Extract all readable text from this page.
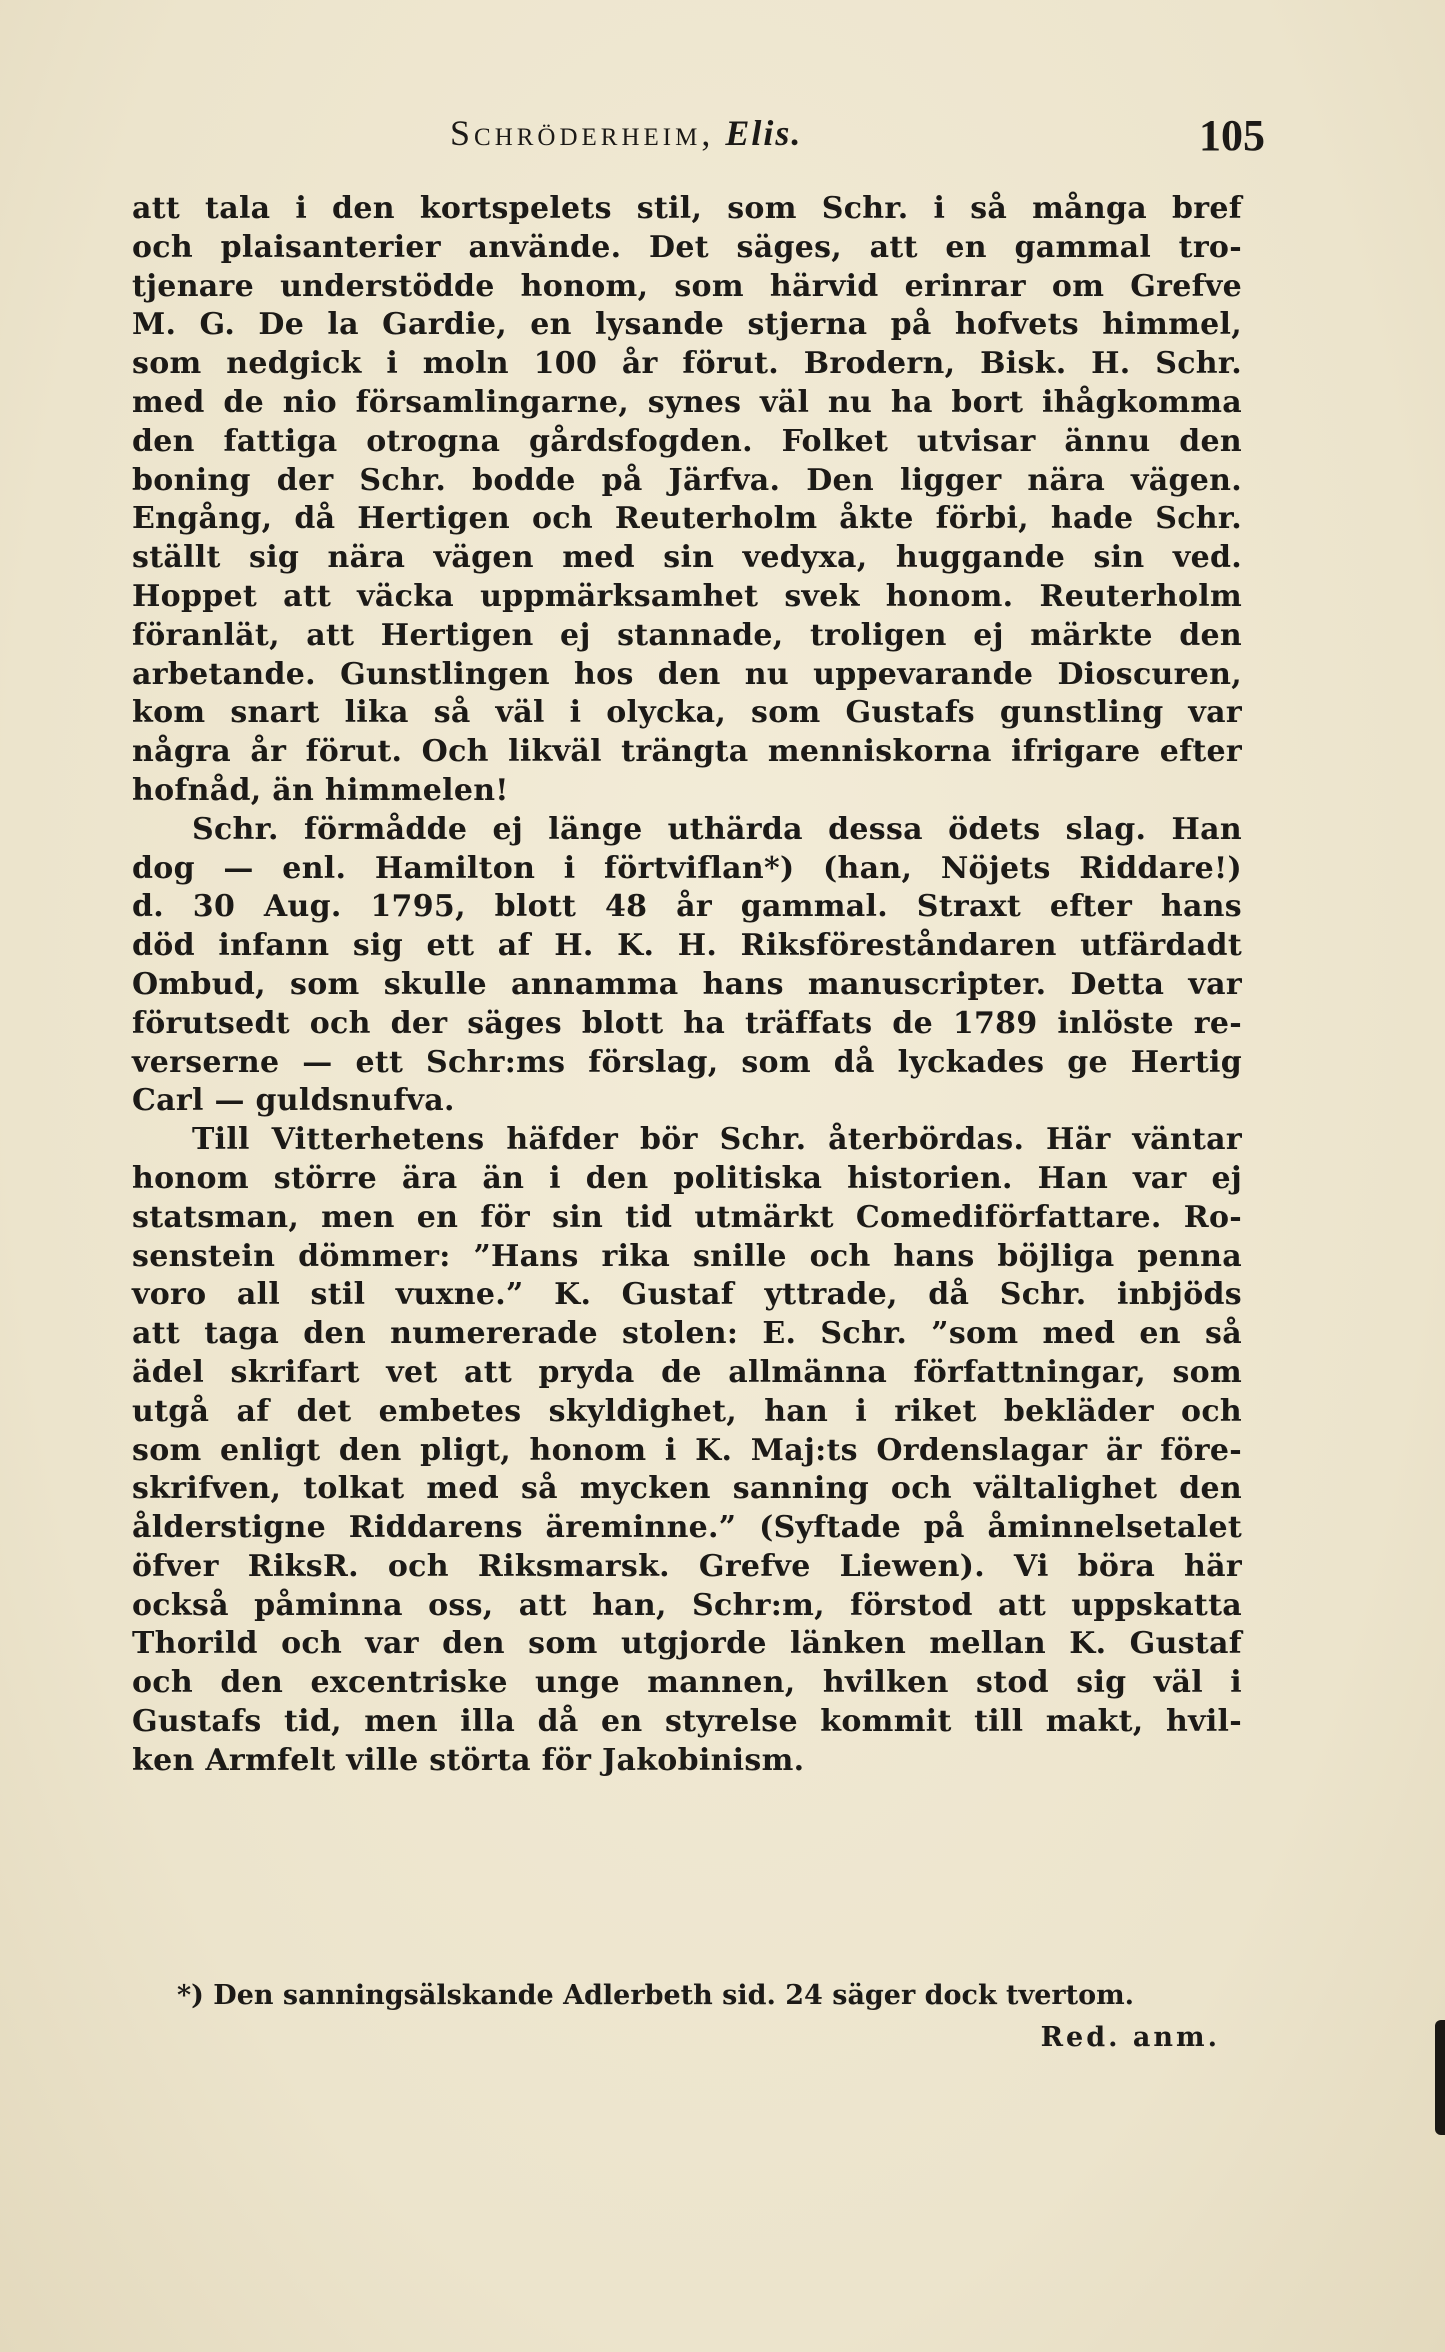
Schröderheim, Elis.	105
att tala i den kortspelets stil, som Schr. i så många bref
och plaisanterier använde. Det säges, att en gammal tro-
tjenare understödde honom, som härvid erinrar om Grefve
M. G. De la Gardie, en lysande stjerna på hofvets himmel,
som nedgick i moln 100 år förut. Brodern, Bisk. H. Schr.
med de nio församlingarne, synes väl nu ha bort ihågkomma
den fattiga otrogna gårdsfogden. Folket utvisar ännu den
boning der Schr. bodde på Järfva. Den ligger nära vägen.
Engång, då Hertigen och Reuterholm åkte förbi, hade Schr.
ställt sig nära vägen med sin vedyxa, huggande sin ved.
Hoppet att väcka uppmärksamhet svek honom. Reuterholm
föranlät, att Hertigen ej stannade, troligen ej märkte den
arbetande. Gunstlingen hos den nu uppevarande Dioscuren,
kom snart lika så väl i olycka, som Gustafs gunstling var
några år förut. Och likväl trängta menniskorna ifrigare efter
hofnåd, än himmelen!
Schr. förmådde ej länge uthärda dessa ödets slag. Han
dog — enl. Hamilton i förtviflan*) (han, Nöjets Riddare!)
d. 30 Aug. 1795, blott 48 år gammal. Straxt efter hans
död infann sig ett af H. K. H. Riksföreståndaren utfärdadt
Ombud, som skulle annamma hans manuscripter. Detta var
förutsedt och der säges blott ha träffats de 1789 inlöste re-
verserne — ett Schr:ms förslag, som då lyckades ge Hertig
Carl — guldsnufva.
Till Vitterhetens häfder bör Schr. återbördas. Här väntar
honom större ära än i den politiska historien. Han var ej
statsman, men en för sin tid utmärkt Comediförfattare. Ro-
senstein dömmer: ”Hans rika snille och hans böjliga penna
voro all stil vuxne.” K. Gustaf yttrade, då Schr. inbjöds
att taga den numererade stolen: E. Schr. ”som med en så
ädel skrifart vet att pryda de allmänna författningar, som
utgå af det embetes skyldighet, han i riket bekläder och
som enligt den pligt, honom i K. Maj:ts Ordenslagar är före-
skrifven, tolkat med så mycken sanning och vältalighet den
ålderstigne Riddarens äreminne.” (Syftade på åminnelsetalet
öfver RiksR. och Riksmarsk. Grefve Liewen). Vi böra här
också påminna oss, att han, Schr:m, förstod att uppskatta
Thorild och var den som utgjorde länken mellan K. Gustaf
och den excentriske unge mannen, hvilken stod sig väl i
Gustafs tid, men illa då en styrelse kommit till makt, hvil-
ken Armfelt ville störta för Jakobinism.
*) Den sanningsälskande Adlerbeth sid. 24 säger dock tvertom.
Red. anm.
